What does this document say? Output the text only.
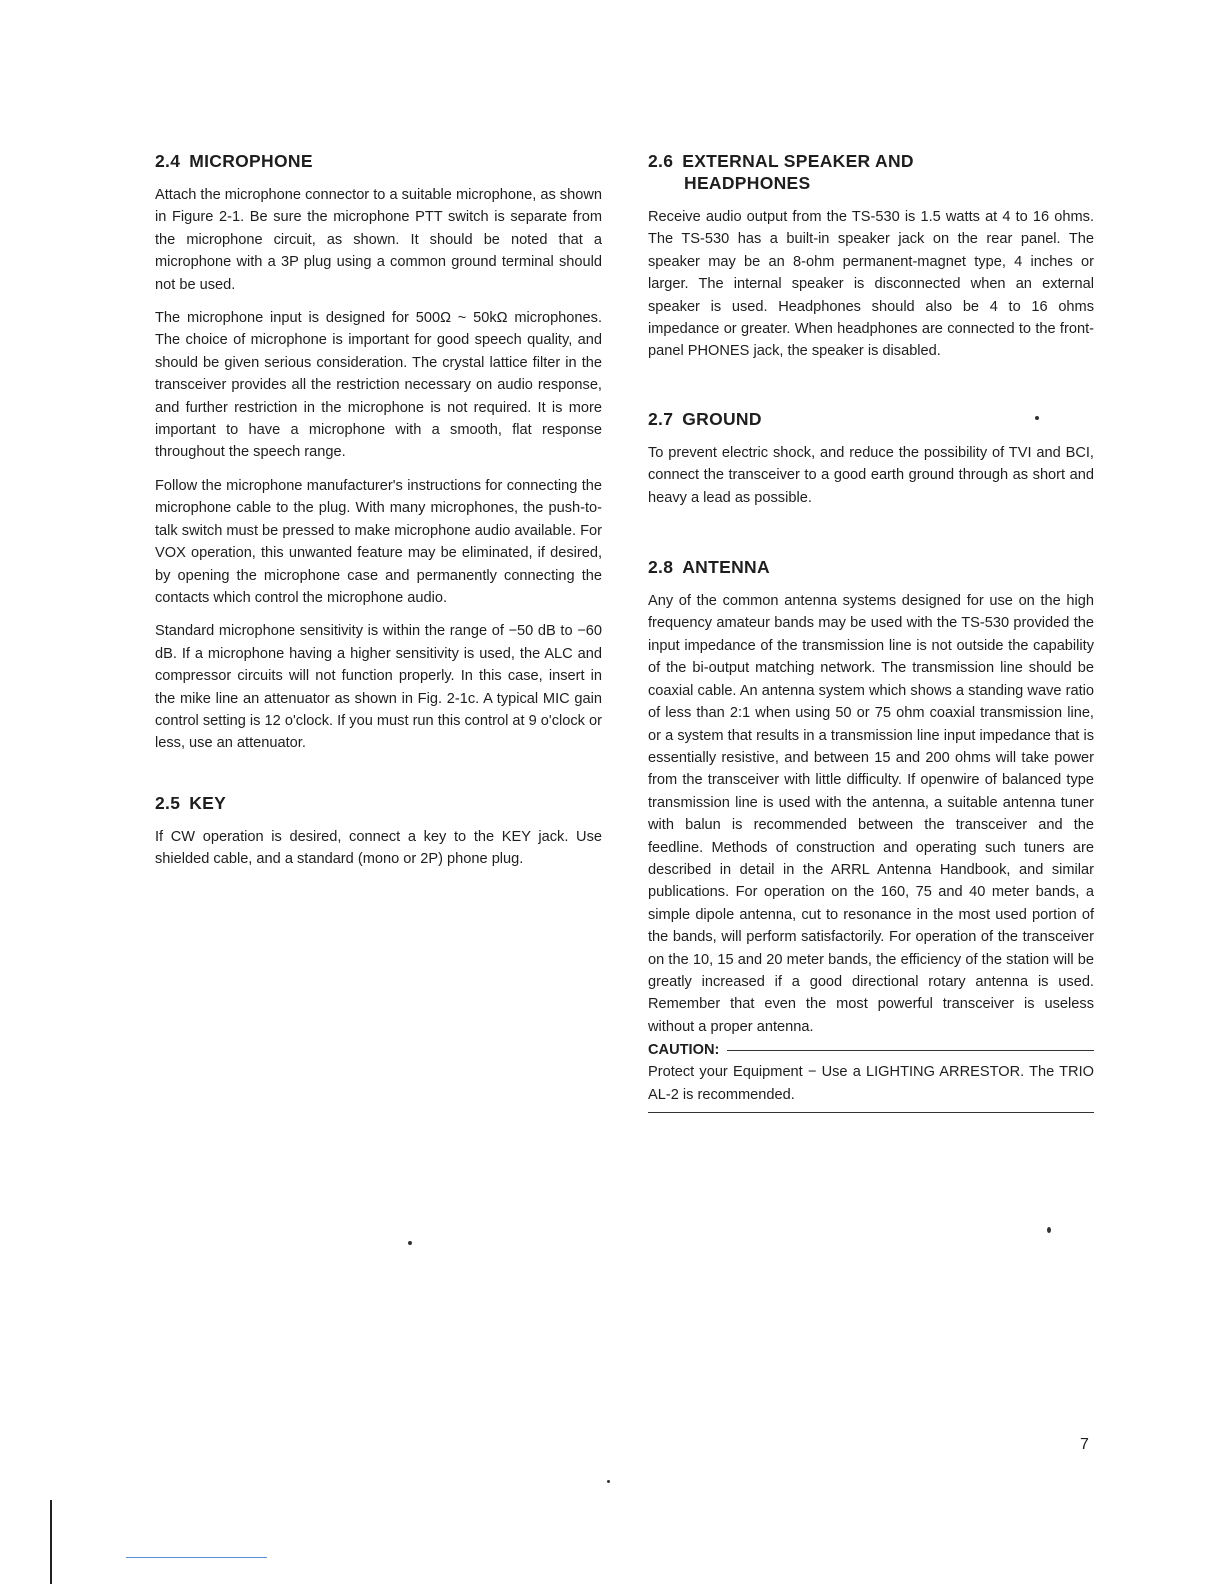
2.4 MICROPHONE

Attach the microphone connector to a suitable microphone, as shown in Figure 2-1. Be sure the microphone PTT switch is separate from the microphone circuit, as shown. It should be noted that a microphone with a 3P plug using a common ground terminal should not be used.

The microphone input is designed for 500Ω ~ 50kΩ microphones. The choice of microphone is important for good speech quality, and should be given serious consideration. The crystal lattice filter in the transceiver provides all the restriction necessary on audio response, and further restriction in the microphone is not required. It is more important to have a microphone with a smooth, flat response throughout the speech range.

Follow the microphone manufacturer's instructions for connecting the microphone cable to the plug. With many microphones, the push-to-talk switch must be pressed to make microphone audio available. For VOX operation, this unwanted feature may be eliminated, if desired, by opening the microphone case and permanently connecting the contacts which control the microphone audio.

Standard microphone sensitivity is within the range of −50 dB to −60 dB. If a microphone having a higher sensitivity is used, the ALC and compressor circuits will not function properly. In this case, insert in the mike line an attenuator as shown in Fig. 2-1c. A typical MIC gain control setting is 12 o'clock. If you must run this control at 9 o'clock or less, use an attenuator.

2.5 KEY

If CW operation is desired, connect a key to the KEY jack. Use shielded cable, and a standard (mono or 2P) phone plug.

2.6 EXTERNAL SPEAKER AND
HEADPHONES

Receive audio output from the TS-530 is 1.5 watts at 4 to 16 ohms. The TS-530 has a built-in speaker jack on the rear panel. The speaker may be an 8-ohm permanent-magnet type, 4 inches or larger. The internal speaker is disconnected when an external speaker is used. Headphones should also be 4 to 16 ohms impedance or greater. When headphones are connected to the front-panel PHONES jack, the speaker is disabled.

2.7 GROUND

To prevent electric shock, and reduce the possibility of TVI and BCI, connect the transceiver to a good earth ground through as short and heavy a lead as possible.

2.8 ANTENNA

Any of the common antenna systems designed for use on the high frequency amateur bands may be used with the TS-530 provided the input impedance of the transmission line is not outside the capability of the bi-output matching network. The transmission line should be coaxial cable. An antenna system which shows a standing wave ratio of less than 2:1 when using 50 or 75 ohm coaxial transmission line, or a system that results in a transmission line input impedance that is essentially resistive, and between 15 and 200 ohms will take power from the transceiver with little difficulty. If openwire of balanced type transmission line is used with the antenna, a suitable antenna tuner with balun is recommended between the transceiver and the feedline. Methods of construction and operating such tuners are described in detail in the ARRL Antenna Handbook, and similar publications. For operation on the 160, 75 and 40 meter bands, a simple dipole antenna, cut to resonance in the most used portion of the bands, will perform satisfactorily. For operation of the transceiver on the 10, 15 and 20 meter bands, the efficiency of the station will be greatly increased if a good directional rotary antenna is used. Remember that even the most powerful transceiver is useless without a proper antenna.

CAUTION:

Protect your Equipment − Use a LIGHTING ARRESTOR. The TRIO AL-2 is recommended.

7
